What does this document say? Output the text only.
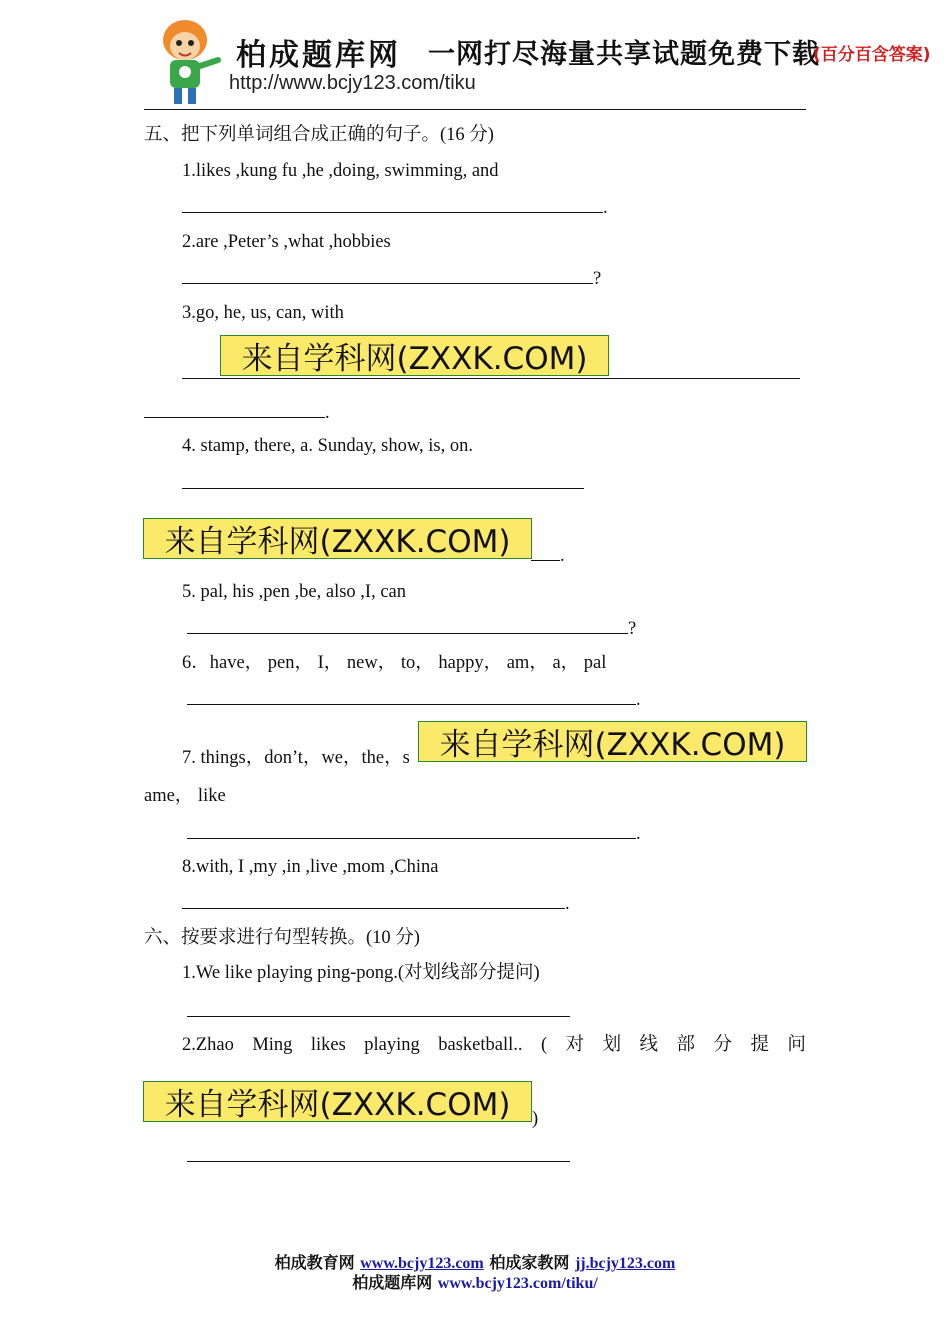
柏成题库网 一网打尽海量共享试题免费下载
(百分百含答案)
http://www.bcjy123.com/tiku
五、把下列单词组合成正确的句子。(16 分)
1.likes ,kung fu ,he ,doing, swimming, and
.
2.are ,Peter’s ,what ,hobbies
?
3.go, he, us, can, with
来自学科网(ZXXK.COM)
.
4. stamp, there, a. Sunday, show, is, on.
来自学科网(ZXXK.COM)	.
5. pal, his ,pen ,be, also ,I, can
?
6．have， pen， I， new， to， happy， am， a， pal
.
7. things，don’t，we，the，s 来自学科网(ZXXK.COM)
ame， like
.
8.with, I ,my ,in ,live ,mom ,China
.
六、按要求进行句型转换。(10 分)
1.We like playing ping-pong.(对划线部分提问)
2.Zhao Ming likes playing basketball.. ( 对 划 线 部 分 提 问
来自学科网(ZXXK.COM)	)
柏成教育网 www.bcjy123.com 柏成家教网 jj.bcjy123.com
柏成题库网 www.bcjy123.com/tiku/
